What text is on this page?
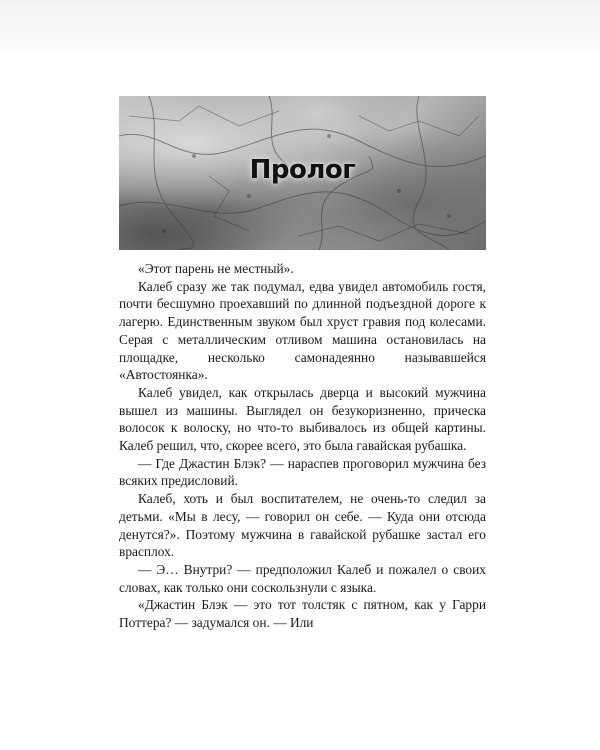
Пролог

«Этот парень не местный».

Калеб сразу же так подумал, едва увидел автомобиль гостя, почти бесшумно проехавший по длинной подъездной дороге к лагерю. Единственным звуком был хруст гравия под колесами. Серая с металлическим отливом машина остановилась на площадке, несколько самонадеянно называвшейся «Автостоянка».

Калеб увидел, как открылась дверца и высокий мужчина вышел из машины. Выглядел он безукоризненно, прическа волосок к волоску, но что-то выбивалось из общей картины. Калеб решил, что, скорее всего, это была гавайская рубашка.

— Где Джастин Блэк? — нараспев проговорил мужчина без всяких предисловий.

Калеб, хоть и был воспитателем, не очень-то следил за детьми. «Мы в лесу, — говорил он себе. — Куда они отсюда денутся?». Поэтому мужчина в гавайской рубашке застал его врасплох.

— Э… Внутри? — предположил Калеб и пожалел о своих словах, как только они соскользнули с языка.

«Джастин Блэк — это тот толстяк с пятном, как у Гарри Поттера? — задумался он. — Или
